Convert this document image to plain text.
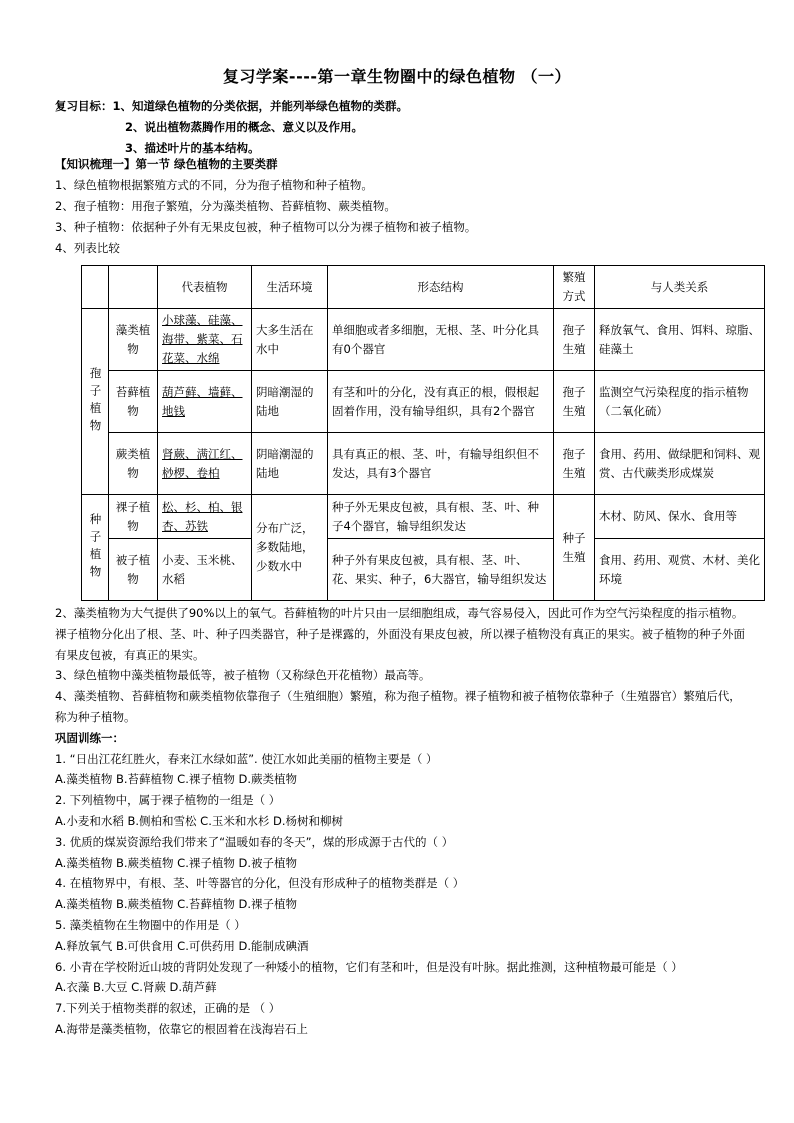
复习学案----第一章生物圈中的绿色植物 （一）
复习目标：1、知道绿色植物的分类依据，并能列举绿色植物的类群。
2、说出植物蒸腾作用的概念、意义以及作用。
3、描述叶片的基本结构。
【知识梳理一】第一节 绿色植物的主要类群
1、绿色植物根据繁殖方式的不同，分为孢子植物和种子植物。
2、孢子植物：用孢子繁殖，分为藻类植物、苔藓植物、蕨类植物。
3、种子植物：依据种子外有无果皮包被，种子植物可以分为裸子植物和被子植物。
4、列表比较
		代表植物	生活环境	形态结构	繁殖方式	与人类关系
孢子植物	藻类植物	小球藻、硅藻、海带、紫菜、石花菜、水绵	大多生活在水中	单细胞或者多细胞，无根、茎、叶分化具有0个器官	孢子生殖	释放氧气、食用、饵料、琼脂、硅藻土
	苔藓植物	葫芦藓、墙藓、地钱	阴暗潮湿的陆地	有茎和叶的分化，没有真正的根，假根起固着作用，没有输导组织，具有2个器官	孢子生殖	监测空气污染程度的指示植物（二氧化硫）
	蕨类植物	肾蕨、满江红、桫椤、卷柏	阴暗潮湿的陆地	具有真正的根、茎、叶，有输导组织但不发达，具有3个器官	孢子生殖	食用、药用、做绿肥和饲料、观赏、古代蕨类形成煤炭
种子植物	裸子植物	松、杉、柏、银杏、苏铁	分布广泛，多数陆地，少数水中	种子外无果皮包被，具有根、茎、叶、种子4个器官，输导组织发达	种子生殖	木材、防风、保水、食用等
	被子植物	小麦、玉米桃、水稻		种子外有果皮包被，具有根、茎、叶、花、果实、种子，6大器官，输导组织发达		食用、药用、观赏、木材、美化环境
2、藻类植物为大气提供了90%以上的氧气。苔藓植物的叶片只由一层细胞组成，毒气容易侵入，因此可作为空气污染程度的指示植物。裸子植物分化出了根、茎、叶、种子四类器官，种子是裸露的，外面没有果皮包被，所以裸子植物没有真正的果实。被子植物的种子外面有果皮包被，有真正的果实。
3、绿色植物中藻类植物最低等，被子植物（又称绿色开花植物）最高等。
4、藻类植物、苔藓植物和蕨类植物依靠孢子（生殖细胞）繁殖，称为孢子植物。裸子植物和被子植物依靠种子（生殖器官）繁殖后代，称为种子植物。
巩固训练一：
1. “日出江花红胜火，春来江水绿如蓝”. 使江水如此美丽的植物主要是（ ）
A.藻类植物 B.苔藓植物 C.裸子植物 D.蕨类植物
2. 下列植物中，属于裸子植物的一组是（ ）
A.小麦和水稻 B.侧柏和雪松 C.玉米和水杉 D.杨树和柳树
3. 优质的煤炭资源给我们带来了“温暖如春的冬天”，煤的形成源于古代的（ ）
A.藻类植物 B.蕨类植物 C.裸子植物 D.被子植物
4. 在植物界中，有根、茎、叶等器官的分化，但没有形成种子的植物类群是（ ）
A.藻类植物 B.蕨类植物 C.苔藓植物 D.裸子植物
5. 藻类植物在生物圈中的作用是（ ）
A.释放氧气 B.可供食用 C.可供药用 D.能制成碘酒
6. 小青在学校附近山坡的背阴处发现了一种矮小的植物，它们有茎和叶，但是没有叶脉。据此推测，这种植物最可能是（ ）
A.衣藻 B.大豆 C.肾蕨 D.葫芦藓
7.下列关于植物类群的叙述，正确的是 （ ）
A.海带是藻类植物，依靠它的根固着在浅海岩石上
